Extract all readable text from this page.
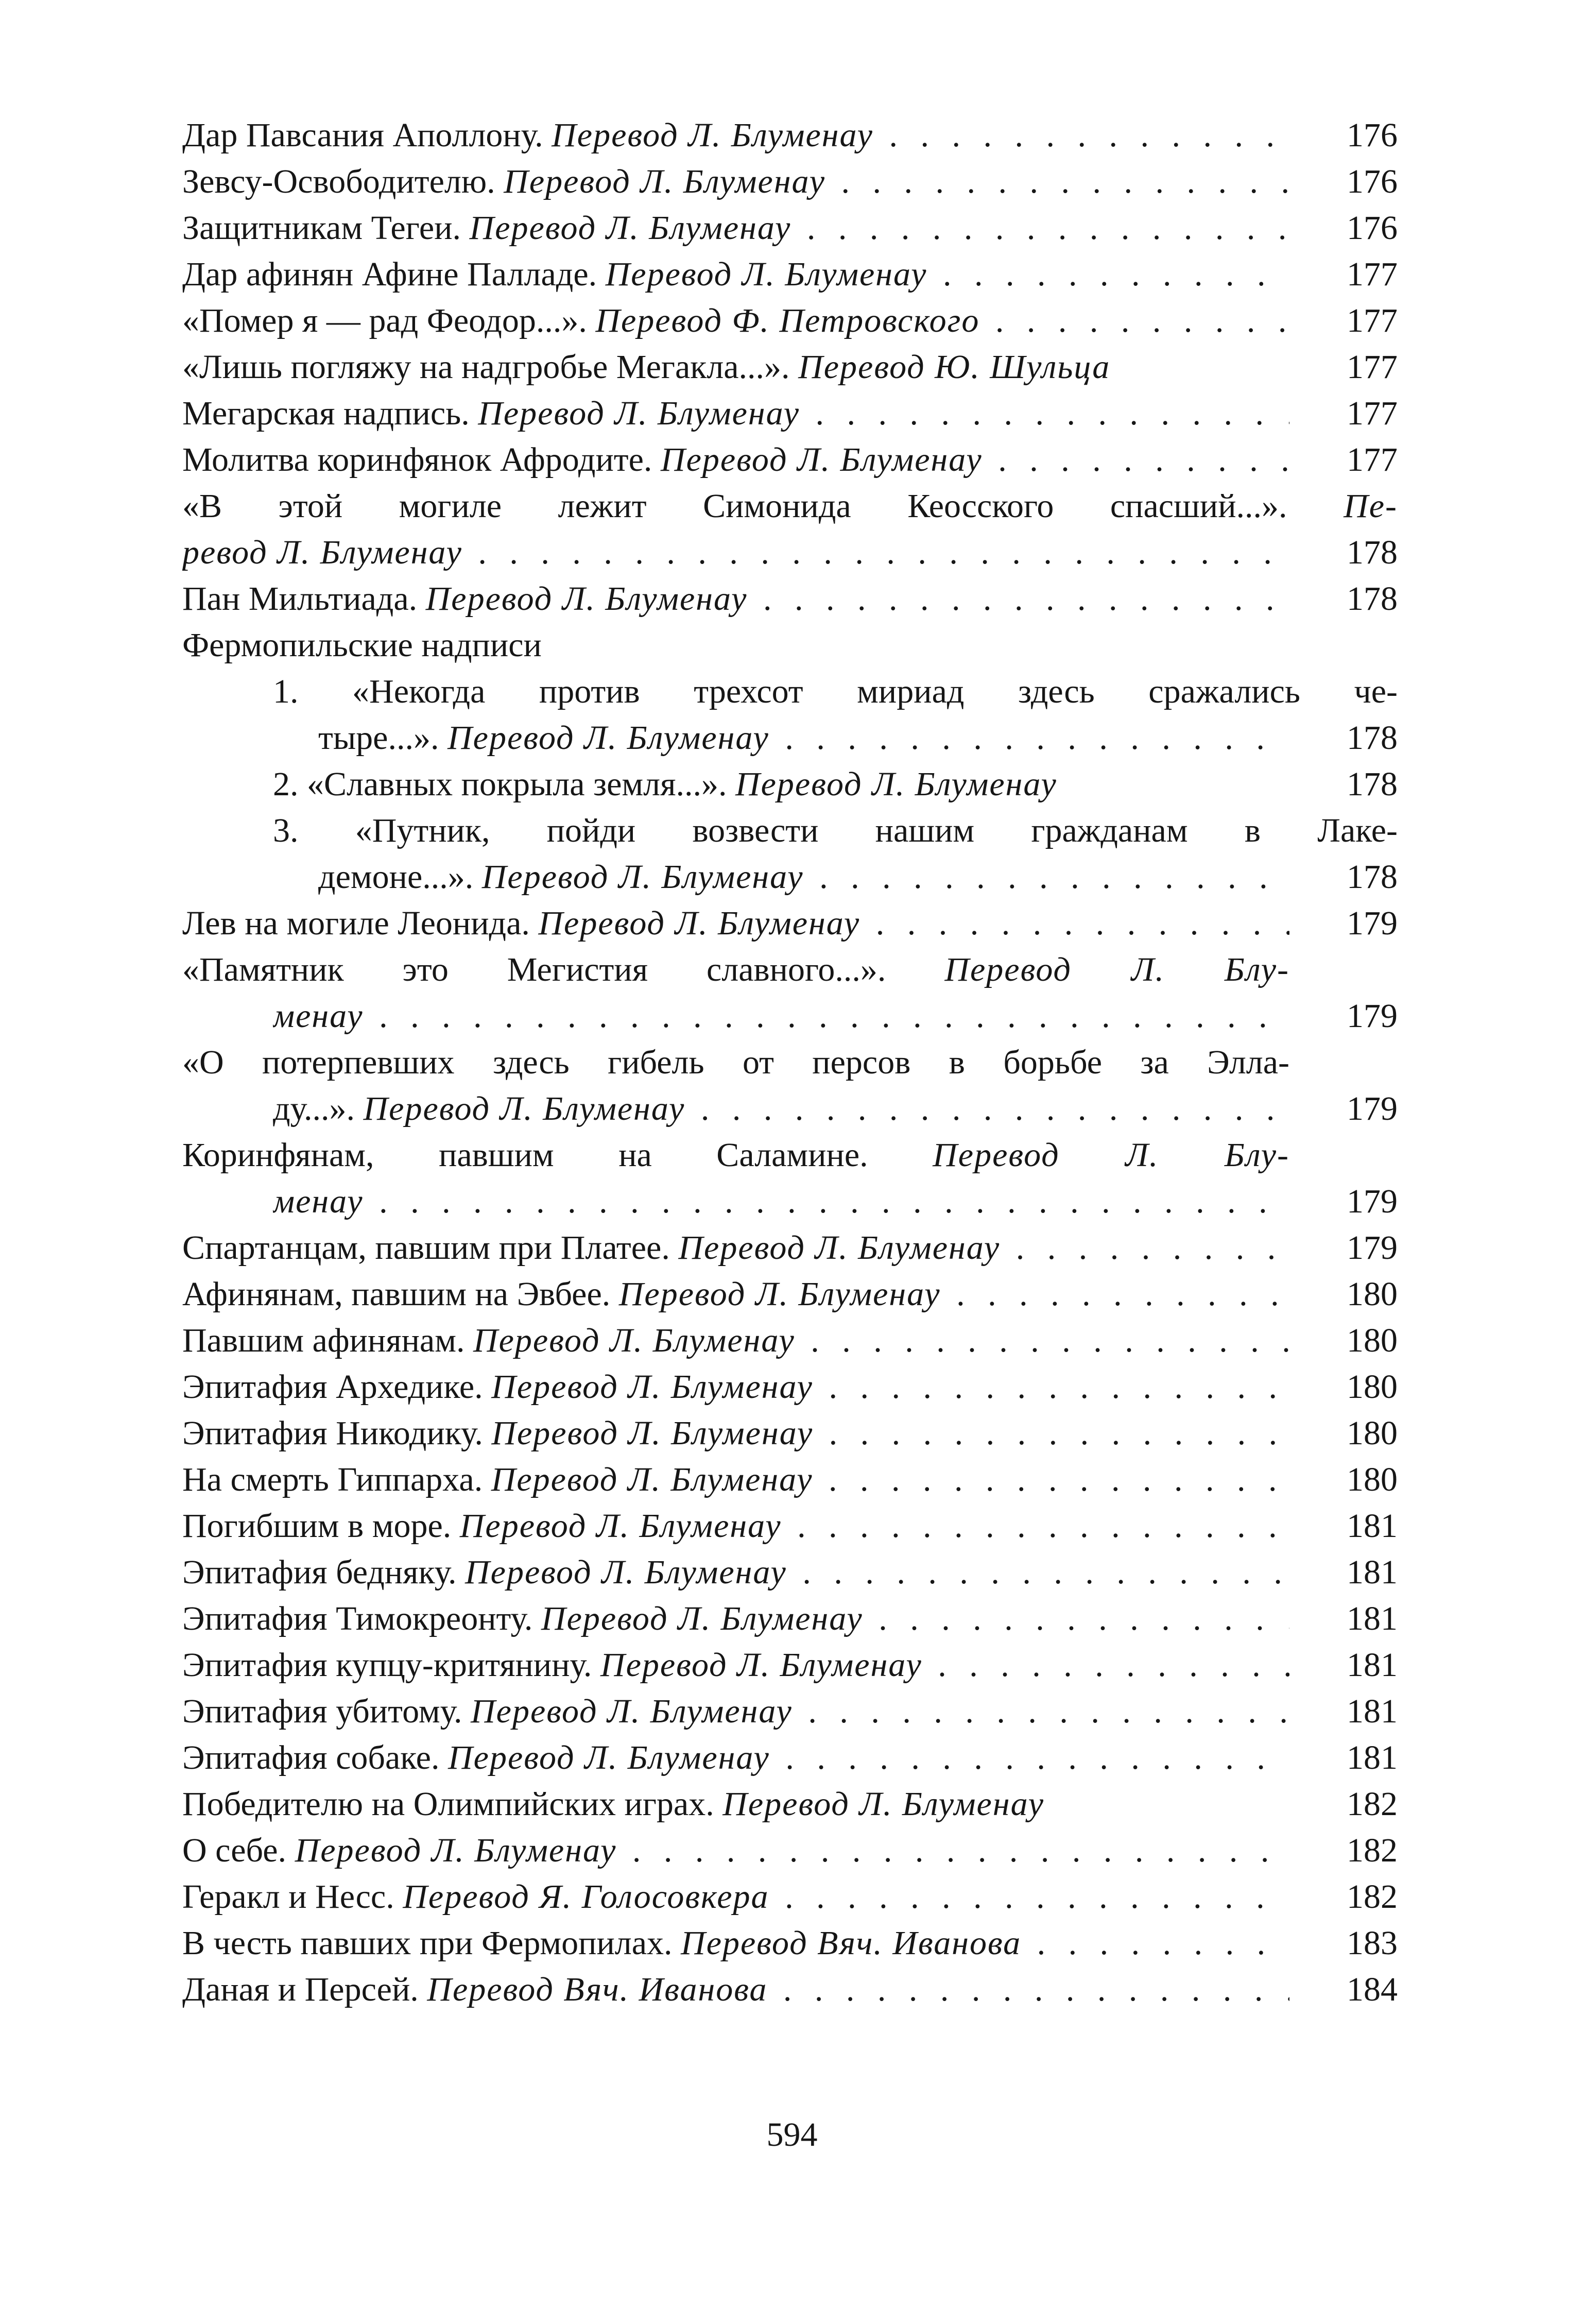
Дар Павсания Аполлону. Перевод Л. Блуменау . . .	176
Зевсу-Освободителю. Перевод Л. Блуменау . . .	176
Защитникам Тегеи. Перевод Л. Блуменау . . .	176
Дар афинян Афине Палладе. Перевод Л. Блуменау . . .	177
«Помер я — рад Феодор...». Перевод Ф. Петровского . . .	177
«Лишь погляжу на надгробье Мегакла...». Перевод Ю. Шульца	177
Мегарская надпись. Перевод Л. Блуменау . . .	177
Молитва коринфянок Афродите. Перевод Л. Блуменау . . .	177
«В этой могиле лежит Симонида Кеосского спасший...». Пе-
ревод Л. Блуменау . . .	178
Пан Мильтиада. Перевод Л. Блуменау . . .	178
Фермопильские надписи
1. «Некогда против трехсот мириад здесь сражались че-
тыре...». Перевод Л. Блуменау . . .	178
2. «Славных покрыла земля...». Перевод Л. Блуменау	178
3. «Путник, пойди возвести нашим гражданам в Лаке-
демоне...». Перевод Л. Блуменау . . .	178
Лев на могиле Леонида. Перевод Л. Блуменау . . .	179
«Памятник это Мегистия славного...». Перевод Л. Блу-
менау . . .	179
«О потерпевших здесь гибель от персов в борьбе за Элла-
ду...». Перевод Л. Блуменау . . .	179
Коринфянам, павшим на Саламине. Перевод Л. Блу-
менау . . .	179
Спартанцам, павшим при Платее. Перевод Л. Блуменау . . .	179
Афинянам, павшим на Эвбее. Перевод Л. Блуменау . . .	180
Павшим афинянам. Перевод Л. Блуменау . . .	180
Эпитафия Архедике. Перевод Л. Блуменау . . .	180
Эпитафия Никодику. Перевод Л. Блуменау . . .	180
На смерть Гиппарха. Перевод Л. Блуменау . . .	180
Погибшим в море. Перевод Л. Блуменау . . .	181
Эпитафия бедняку. Перевод Л. Блуменау . . .	181
Эпитафия Тимокреонту. Перевод Л. Блуменау . . .	181
Эпитафия купцу-критянину. Перевод Л. Блуменау . . .	181
Эпитафия убитому. Перевод Л. Блуменау . . .	181
Эпитафия собаке. Перевод Л. Блуменау . . .	181
Победителю на Олимпийских играх. Перевод Л. Блуменау	182
О себе. Перевод Л. Блуменау . . .	182
Геракл и Несс. Перевод Я. Голосовкера . . .	182
В честь павших при Фермопилах. Перевод Вяч. Иванова . . .	183
Даная и Персей. Перевод Вяч. Иванова . . .	184
594
